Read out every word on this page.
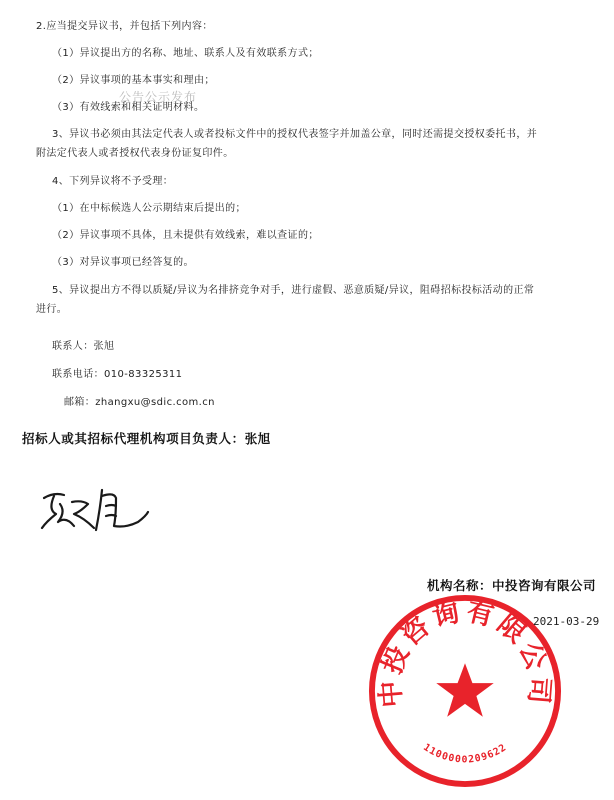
2.应当提交异议书，并包括下列内容：
（1）异议提出方的名称、地址、联系人及有效联系方式；
（2）异议事项的基本事实和理由；
（3）有效线索和相关证明材料。
3、异议书必须由其法定代表人或者投标文件中的授权代表签字并加盖公章，同时还需提交授权委托书，并
附法定代表人或者授权代表身份证复印件。
4、下列异议将不予受理：
（1）在中标候选人公示期结束后提出的；
（2）异议事项不具体，且未提供有效线索，难以查证的；
（3）对异议事项已经答复的。
5、异议提出方不得以质疑/异议为名排挤竞争对手，进行虚假、恶意质疑/异议，阻碍招标投标活动的正常
进行。
联系人：张旭
联系电话：010-83325311
邮箱：zhangxu@sdic.com.cn
招标人或其招标代理机构项目负责人：张旭
公告公示发布
机构名称：中投咨询有限公司
中投咨询有限公司
1100000209622
2021-03-29
